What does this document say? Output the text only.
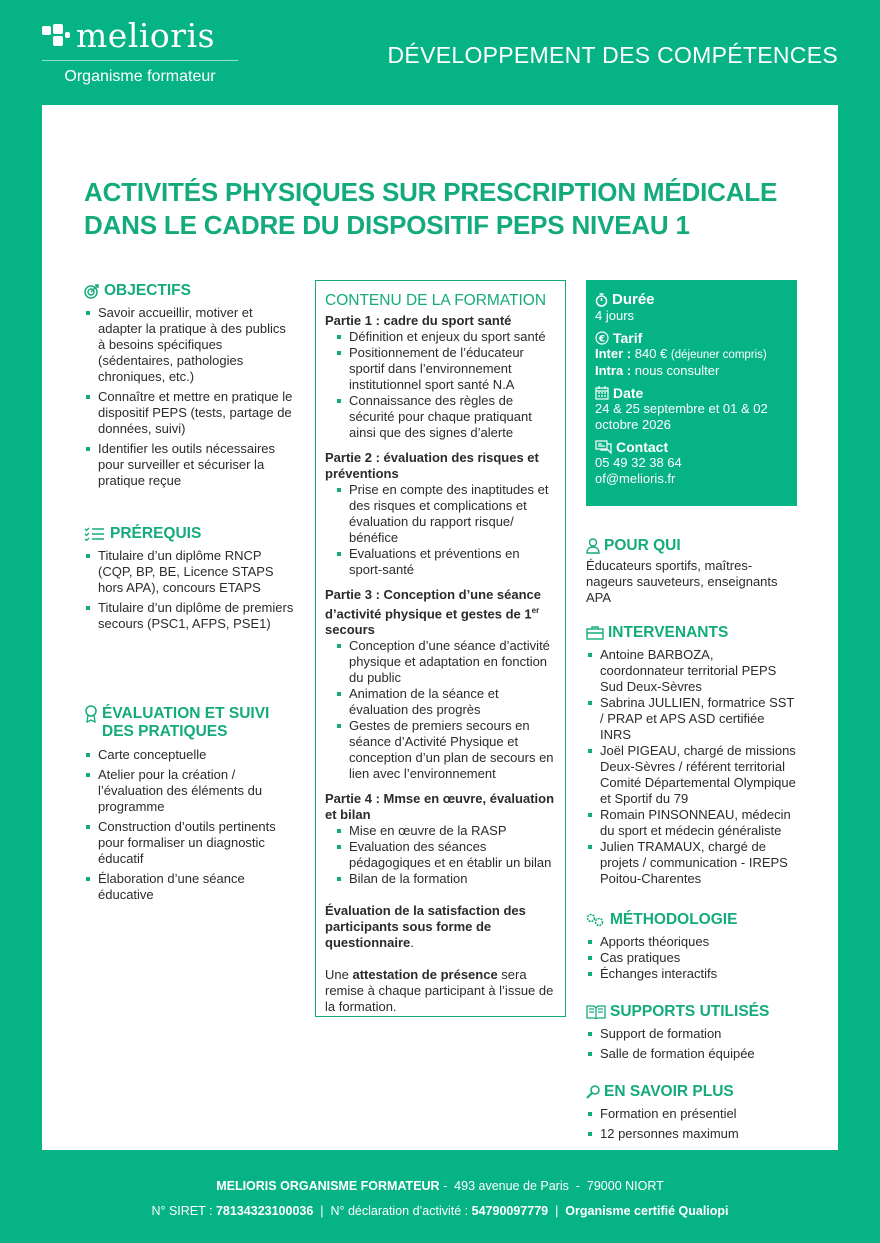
melioris
Organisme formateur
DÉVELOPPEMENT DES COMPÉTENCES
ACTIVITÉS PHYSIQUES SUR PRESCRIPTION MÉDICALE
DANS LE CADRE DU DISPOSITIF PEPS NIVEAU 1
OBJECTIFS
Savoir accueillir, motiver et adapter la pratique à des publics à besoins spécifiques (sédentaires, pathologies chroniques, etc.)
Connaître et mettre en pratique le dispositif PEPS (tests, partage de données, suivi)
Identifier les outils nécessaires pour surveiller et sécuriser la pratique reçue
PRÉREQUIS
Titulaire d’un diplôme RNCP (CQP, BP, BE, Licence STAPS hors APA), concours ETAPS
Titulaire d’un diplôme de premiers secours (PSC1, AFPS, PSE1)
ÉVALUATION ET SUIVI
DES PRATIQUES
Carte conceptuelle
Atelier pour la création / l’évaluation des éléments du programme
Construction d’outils pertinents pour formaliser un diagnostic éducatif
Élaboration d’une séance éducative
CONTENU DE LA FORMATION
Partie 1 : cadre du sport santé
Définition et enjeux du sport santé
Positionnement de l’éducateur sportif dans l’environnement institutionnel sport santé N.A
Connaissance des règles de sécurité pour chaque pratiquant ainsi que des signes d’alerte
Partie 2 : évaluation des risques et préventions
Prise en compte des inaptitudes et des risques et complications et évaluation du rapport risque/ bénéfice
Evaluations et préventions en sport-santé
Partie 3 : Conception d’une séance d’activité physique et gestes de 1er secours
Conception d’une séance d’activité physique et adaptation en fonction du public
Animation de la séance et évaluation des progrès
Gestes de premiers secours en séance d’Activité Physique et conception d’un plan de secours en lien avec l’environnement
Partie 4 : Mmse en œuvre, évaluation et bilan
Mise en œuvre de la RASP
Evaluation des séances pédagogiques et en établir un bilan
Bilan de la formation

Évaluation de la satisfaction des participants sous forme de questionnaire.

Une attestation de présence sera remise à chaque participant à l’issue de la formation.

Durée
4 jours
€ Tarif
Inter : 840 € (déjeuner compris)
Intra : nous consulter
Date
24 & 25 septembre et 01 & 02 octobre 2026
Contact
05 49 32 38 64
of@melioris.fr
POUR QUI

Éducateurs sportifs, maîtres-nageurs sauveteurs, enseignants APA

INTERVENANTS
Antoine BARBOZA, coordonnateur territorial PEPS Sud Deux-Sèvres
Sabrina JULLIEN, formatrice SST / PRAP et APS ASD certifiée INRS
Joël PIGEAU, chargé de missions Deux-Sèvres / référent territorial Comité Départemental Olympique et Sportif du 79
Romain PINSONNEAU, médecin du sport et médecin généraliste
Julien TRAMAUX, chargé de projets / communication - IREPS Poitou-Charentes
MÉTHODOLOGIE
Apports théoriques
Cas pratiques
Échanges interactifs
SUPPORTS UTILISÉS
Support de formation
Salle de formation équipée
EN SAVOIR PLUS
Formation en présentiel
12 personnes maximum
MELIORIS ORGANISME FORMATEUR -  493 avenue de Paris  -  79000 NIORT
N° SIRET : 78134323100036  |  N° déclaration d’activité : 54790097779  |  Organisme certifié Qualiopi
